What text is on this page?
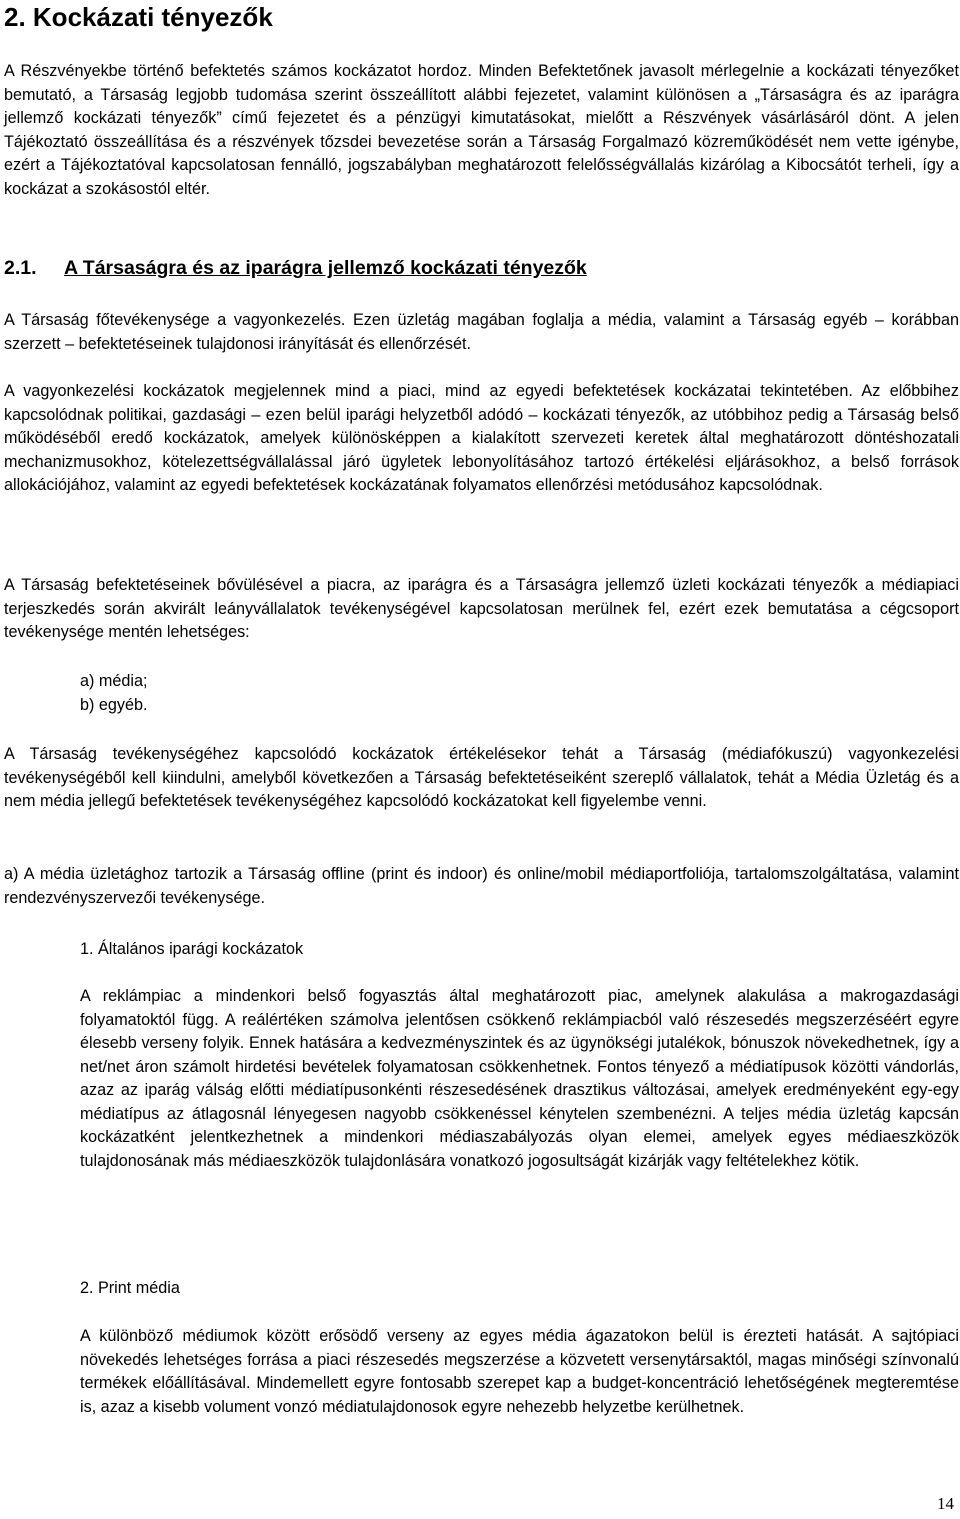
2. Kockázati tényezők

A Részvényekbe történő befektetés számos kockázatot hordoz. Minden Befektetőnek javasolt mérlegelnie a kockázati tényezőket bemutató, a Társaság legjobb tudomása szerint összeállított alábbi fejezetet, valamint különösen a „Társaságra és az iparágra jellemző kockázati tényezők” című fejezetet és a pénzügyi kimutatásokat, mielőtt a Részvények vásárlásáról dönt. A jelen Tájékoztató összeállítása és a részvények tőzsdei bevezetése során a Társaság Forgalmazó közreműködését nem vette igénybe, ezért a Tájékoztatóval kapcsolatosan fennálló, jogszabályban meghatározott felelősségvállalás kizárólag a Kibocsátót terheli, így a kockázat a szokásostól eltér.

2.1. A Társaságra és az iparágra jellemző kockázati tényezők

A Társaság főtevékenysége a vagyonkezelés. Ezen üzletág magában foglalja a média, valamint a Társaság egyéb – korábban szerzett – befektetéseinek tulajdonosi irányítását és ellenőrzését.

A vagyonkezelési kockázatok megjelennek mind a piaci, mind az egyedi befektetések kockázatai tekintetében. Az előbbihez kapcsolódnak politikai, gazdasági – ezen belül iparági helyzetből adódó – kockázati tényezők, az utóbbihoz pedig a Társaság belső működéséből eredő kockázatok, amelyek különösképpen a kialakított szervezeti keretek által meghatározott döntéshozatali mechanizmusokhoz, kötelezettségvállalással járó ügyletek lebonyolításához tartozó értékelési eljárásokhoz, a belső források allokációjához, valamint az egyedi befektetések kockázatának folyamatos ellenőrzési metódusához kapcsolódnak.

A Társaság befektetéseinek bővülésével a piacra, az iparágra és a Társaságra jellemző üzleti kockázati tényezők a médiapiaci terjeszkedés során akvirált leányvállalatok tevékenységével kapcsolatosan merülnek fel, ezért ezek bemutatása a cégcsoport tevékenysége mentén lehetséges:

a) média;
b) egyéb.

A Társaság tevékenységéhez kapcsolódó kockázatok értékelésekor tehát a Társaság (médiafókuszú) vagyonkezelési tevékenységéből kell kiindulni, amelyből következően a Társaság befektetéseiként szereplő vállalatok, tehát a Média Üzletág és a nem média jellegű befektetések tevékenységéhez kapcsolódó kockázatokat kell figyelembe venni.

a) A média üzletághoz tartozik a Társaság offline (print és indoor) és online/mobil médiaportfoliója, tartalomszolgáltatása, valamint rendezvényszervezői tevékenysége.

1. Általános iparági kockázatok

A reklámpiac a mindenkori belső fogyasztás által meghatározott piac, amelynek alakulása a makrogazdasági folyamatoktól függ. A reálértéken számolva jelentősen csökkenő reklámpiacból való részesedés megszerzéséért egyre élesebb verseny folyik. Ennek hatására a kedvezményszintek és az ügynökségi jutalékok, bónuszok növekedhetnek, így a net/net áron számolt hirdetési bevételek folyamatosan csökkenhetnek. Fontos tényező a médiatípusok közötti vándorlás, azaz az iparág válság előtti médiatípusonkénti részesedésének drasztikus változásai, amelyek eredményeként egy-egy médiatípus az átlagosnál lényegesen nagyobb csökkenéssel kénytelen szembenézni. A teljes média üzletág kapcsán kockázatként jelentkezhetnek a mindenkori médiaszabályozás olyan elemei, amelyek egyes médiaeszközök tulajdonosának más médiaeszközök tulajdonlására vonatkozó jogosultságát kizárják vagy feltételekhez kötik.

2. Print média

A különböző médiumok között erősödő verseny az egyes média ágazatokon belül is érezteti hatását. A sajtópiaci növekedés lehetséges forrása a piaci részesedés megszerzése a közvetett versenytársaktól, magas minőségi színvonalú termékek előállításával. Mindemellett egyre fontosabb szerepet kap a budget-koncentráció lehetőségének megteremtése is, azaz a kisebb volument vonzó médiatulajdonosok egyre nehezebb helyzetbe kerülhetnek.

14
